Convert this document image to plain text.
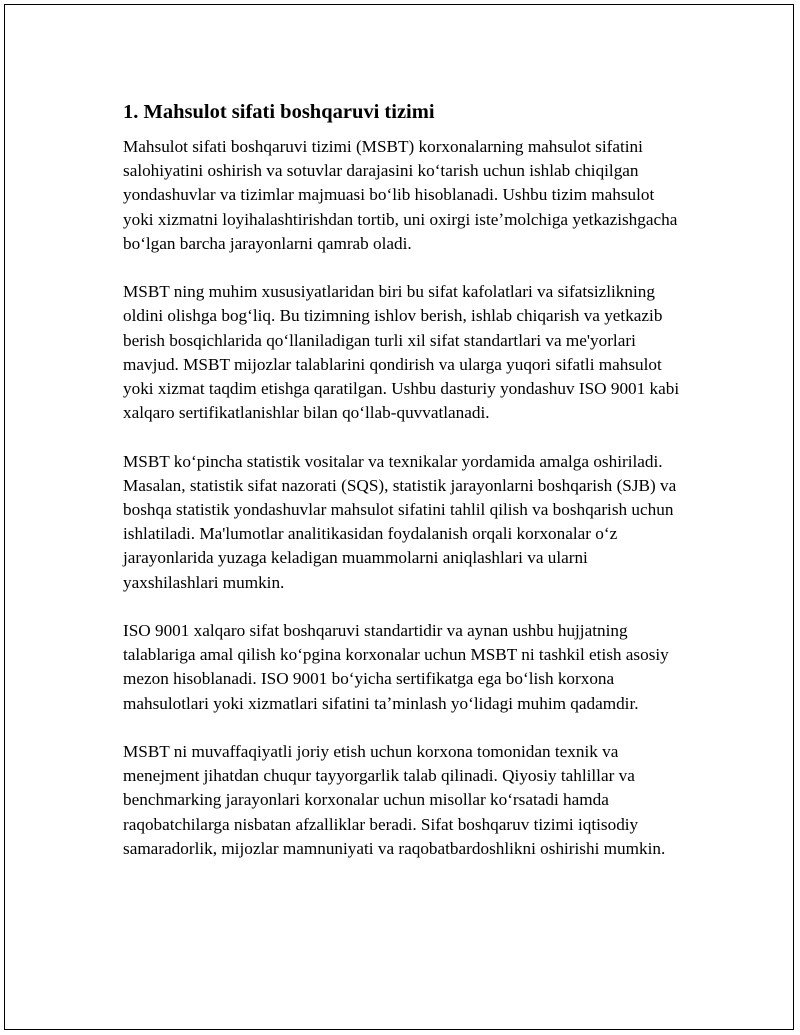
1. Mahsulot sifati boshqaruvi tizimi

Mahsulot sifati boshqaruvi tizimi (MSBT) korxonalarning mahsulot sifatini salohiyatini oshirish va sotuvlar darajasini koʻtarish uchun ishlab chiqilgan yondashuvlar va tizimlar majmuasi boʻlib hisoblanadi. Ushbu tizim mahsulot yoki xizmatni loyihalashtirishdan tortib, uni oxirgi isteʼmolchiga yetkazishgacha boʻlgan barcha jarayonlarni qamrab oladi.

MSBT ning muhim xususiyatlaridan biri bu sifat kafolatlari va sifatsizlikning oldini olishga bogʻliq. Bu tizimning ishlov berish, ishlab chiqarish va yetkazib berish bosqichlarida qoʻllaniladigan turli xil sifat standartlari va me'yorlari mavjud. MSBT mijozlar talablarini qondirish va ularga yuqori sifatli mahsulot yoki xizmat taqdim etishga qaratilgan. Ushbu dasturiy yondashuv ISO 9001 kabi xalqaro sertifikatlanishlar bilan qoʻllab-quvvatlanadi.

MSBT koʻpincha statistik vositalar va texnikalar yordamida amalga oshiriladi. Masalan, statistik sifat nazorati (SQS), statistik jarayonlarni boshqarish (SJB) va boshqa statistik yondashuvlar mahsulot sifatini tahlil qilish va boshqarish uchun ishlatiladi. Ma'lumotlar analitikasidan foydalanish orqali korxonalar oʻz jarayonlarida yuzaga keladigan muammolarni aniqlashlari va ularni yaxshilashlari mumkin.

ISO 9001 xalqaro sifat boshqaruvi standartidir va aynan ushbu hujjatning talablariga amal qilish koʻpgina korxonalar uchun MSBT ni tashkil etish asosiy mezon hisoblanadi. ISO 9001 boʻyicha sertifikatga ega boʻlish korxona mahsulotlari yoki xizmatlari sifatini taʼminlash yoʻlidagi muhim qadamdir.

MSBT ni muvaffaqiyatli joriy etish uchun korxona tomonidan texnik va menejment jihatdan chuqur tayyorgarlik talab qilinadi. Qiyosiy tahlillar va benchmarking jarayonlari korxonalar uchun misollar koʻrsatadi hamda raqobatchilarga nisbatan afzalliklar beradi. Sifat boshqaruv tizimi iqtisodiy samaradorlik, mijozlar mamnuniyati va raqobatbardoshlikni oshirishi mumkin.
